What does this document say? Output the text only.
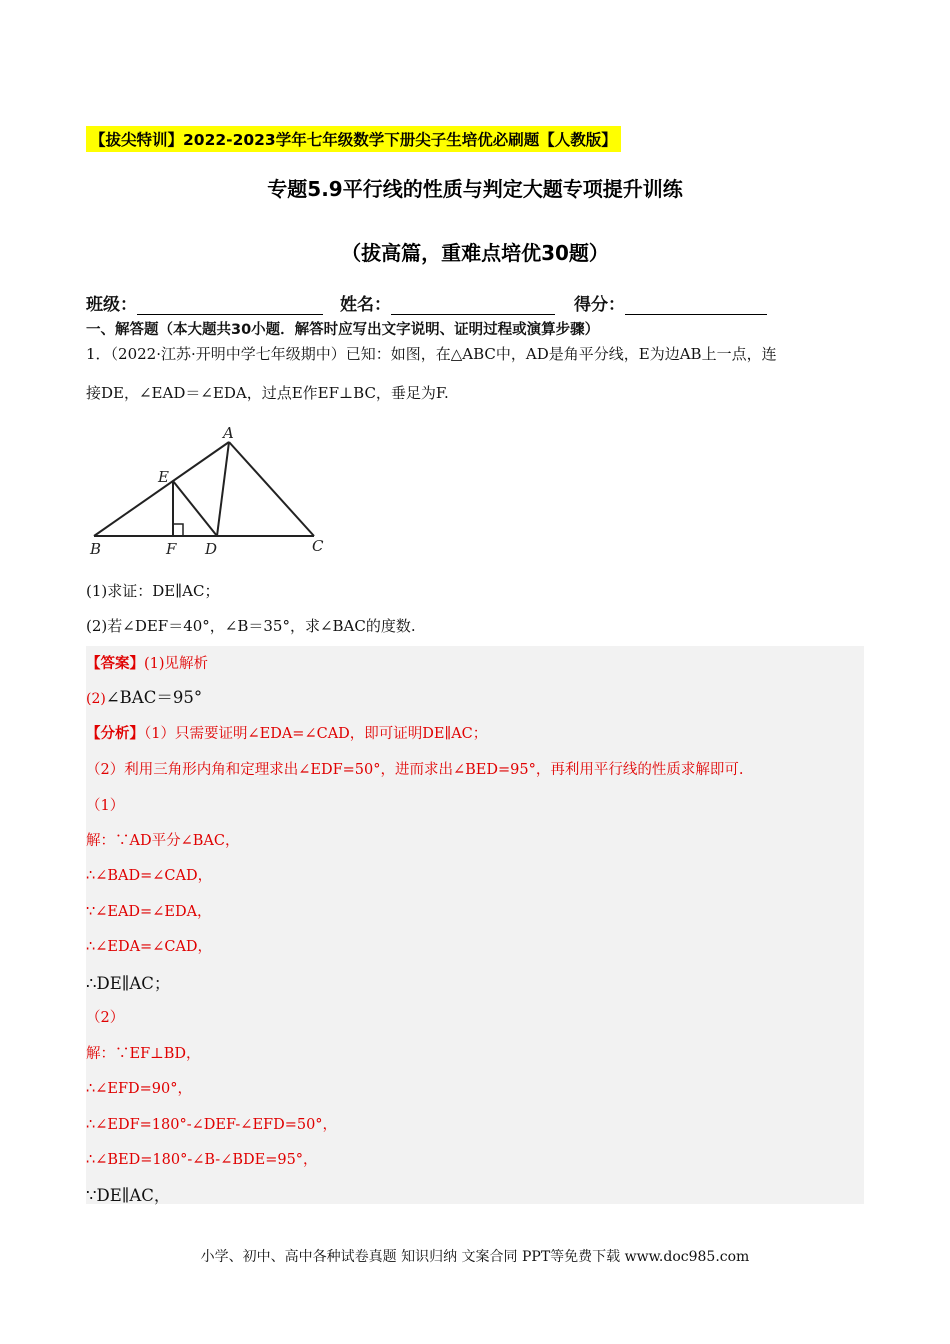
【拔尖特训】2022-2023学年七年级数学下册尖子生培优必刷题【人教版】
专题5.9平行线的性质与判定大题专项提升训练
（拔高篇，重难点培优30题）
班级：	姓名：	得分：
一、解答题（本大题共30小题．解答时应写出文字说明、证明过程或演算步骤）
1．（2022·江苏·开明中学七年级期中）已知：如图，在△ABC中，AD是角平分线，E为边AB上一点，连
接DE，∠EAD＝∠EDA，过点E作EF⊥BC，垂足为F.
A
B	C
D
E
F
(1)求证：DE∥AC；
(2)若∠DEF＝40°，∠B＝35°，求∠BAC的度数.
【答案】(1)见解析
(2)∠BAC＝95°
【分析】（1）只需要证明∠EDA=∠CAD，即可证明DE∥AC；
（2）利用三角形内角和定理求出∠EDF=50°，进而求出∠BED=95°，再利用平行线的性质求解即可.
（1）
解：∵AD平分∠BAC，
∴∠BAD=∠CAD，
∵∠EAD=∠EDA，
∴∠EDA=∠CAD，
∴DE∥AC；
（2）
解：∵EF⊥BD，
∴∠EFD=90°，
∴∠EDF=180°-∠DEF-∠EFD=50°，
∴∠BED=180°-∠B-∠BDE=95°，
∵DE∥AC，
小学、初中、高中各种试卷真题 知识归纳 文案合同 PPT等免费下载 www.doc985.com
